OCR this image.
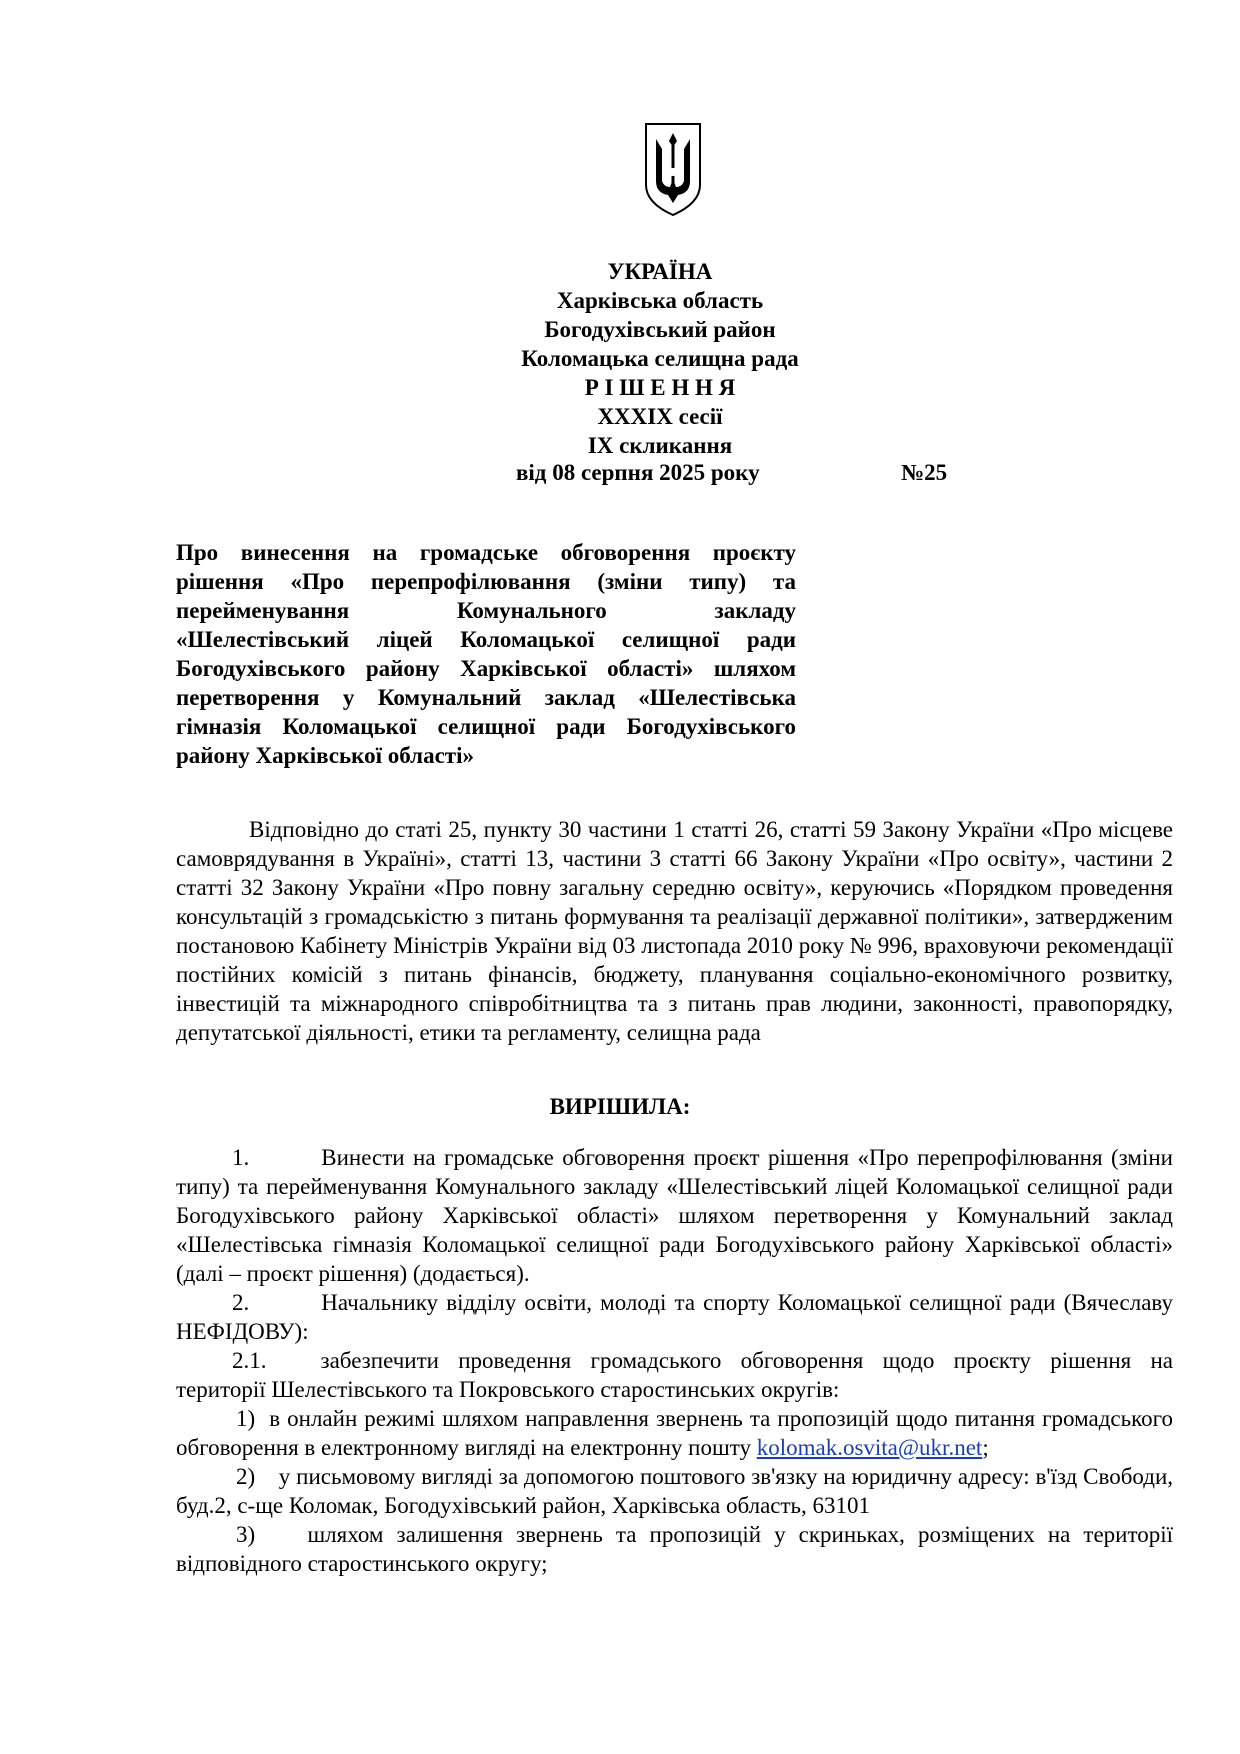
УКРАЇНА
Харківська область
Богодухівський район
Коломацька селищна рада
Р І Ш Е Н Н Я
XXXIX сесії
IX скликання
від 08 серпня 2025 року	№25
Про винесення на громадське обговорення проєкту
рішення «Про перепрофілювання (зміни типу) та
перейменування Комунального закладу
«Шелестівський ліцей Коломацької селищної ради
Богодухівського району Харківської області» шляхом
перетворення у Комунальний заклад «Шелестівська
гімназія Коломацької селищної ради Богодухівського
району Харківської області»

Відповідно до статі 25, пункту 30 частини 1 статті 26, статті 59 Закону України «Про місцеве самоврядування в Україні», статті 13, частини 3 статті 66 Закону України «Про освіту», частини 2 статті 32 Закону України «Про повну загальну середню освіту», керуючись «Порядком проведення консультацій з громадськістю з питань формування та реалізації державної політики», затвердженим постановою Кабінету Міністрів України від 03 листопада 2010 року № 996, враховуючи рекомендації постійних комісій з питань фінансів, бюджету, планування соціально-економічного розвитку, інвестицій та міжнародного співробітництва та з питань прав людини, законності, правопорядку, депутатської діяльності, етики та регламенту, селищна рада

ВИРІШИЛА:

1.	Винести на громадське обговорення проєкт рішення «Про перепрофілювання (зміни типу) та перейменування Комунального закладу «Шелестівський ліцей Коломацької селищної ради Богодухівського району Харківської області» шляхом перетворення у Комунальний заклад «Шелестівська гімназія Коломацької селищної ради Богодухівського району Харківської області» (далі – проєкт рішення) (додається).

2.	Начальнику відділу освіти, молоді та спорту Коломацької селищної ради (Вячеславу НЕФІДОВУ):

2.1. забезпечити проведення громадського обговорення щодо проєкту рішення на території Шелестівського та Покровського старостинських округів:

1) в онлайн режимі шляхом направлення звернень та пропозицій щодо питання громадського обговорення в електронному вигляді на електронну пошту kolomak.osvita@ukr.net;

2) у письмовому вигляді за допомогою поштового зв'язку на юридичну адресу: в'їзд Свободи, буд.2, с-ще Коломак, Богодухівський район, Харківська область, 63101

3) шляхом залишення звернень та пропозицій у скриньках, розміщених на території відповідного старостинського округу;
